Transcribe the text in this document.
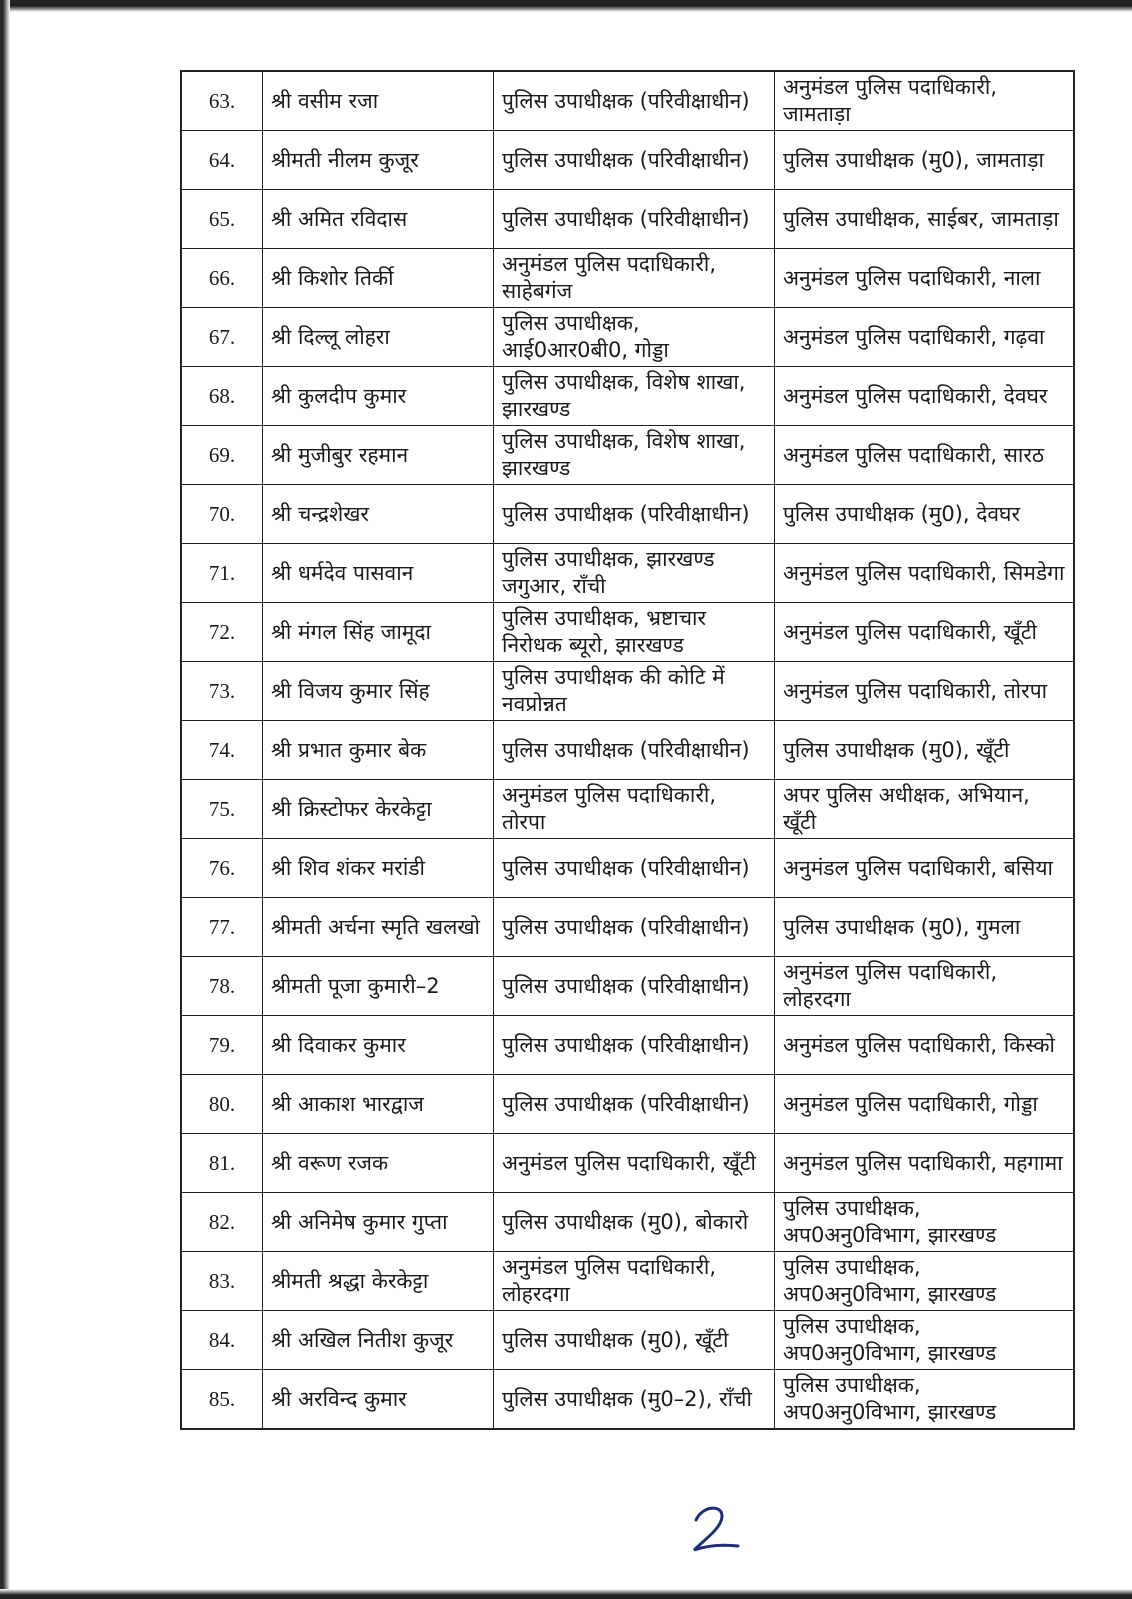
63.	श्री वसीम रजा	पुलिस उपाधीक्षक (परिवीक्षाधीन)	अनुमंडल पुलिस पदाधिकारी, जामताड़ा
64.	श्रीमती नीलम कुजूर	पुलिस उपाधीक्षक (परिवीक्षाधीन)	पुलिस उपाधीक्षक (मु0), जामताड़ा
65.	श्री अमित रविदास	पुलिस उपाधीक्षक (परिवीक्षाधीन)	पुलिस उपाधीक्षक, साईबर, जामताड़ा
66.	श्री किशोर तिर्की	अनुमंडल पुलिस पदाधिकारी, साहेबगंज	अनुमंडल पुलिस पदाधिकारी, नाला
67.	श्री दिल्लू लोहरा	पुलिस उपाधीक्षक, आई0आर0बी0, गोड्डा	अनुमंडल पुलिस पदाधिकारी, गढ़वा
68.	श्री कुलदीप कुमार	पुलिस उपाधीक्षक, विशेष शाखा, झारखण्ड	अनुमंडल पुलिस पदाधिकारी, देवघर
69.	श्री मुजीबुर रहमान	पुलिस उपाधीक्षक, विशेष शाखा, झारखण्ड	अनुमंडल पुलिस पदाधिकारी, सारठ
70.	श्री चन्द्रशेखर	पुलिस उपाधीक्षक (परिवीक्षाधीन)	पुलिस उपाधीक्षक (मु0), देवघर
71.	श्री धर्मदेव पासवान	पुलिस उपाधीक्षक, झारखण्ड जगुआर, राँची	अनुमंडल पुलिस पदाधिकारी, सिमडेगा
72.	श्री मंगल सिंह जामूदा	पुलिस उपाधीक्षक, भ्रष्टाचार निरोधक ब्यूरो, झारखण्ड	अनुमंडल पुलिस पदाधिकारी, खूँटी
73.	श्री विजय कुमार सिंह	पुलिस उपाधीक्षक की कोटि में नवप्रोन्नत	अनुमंडल पुलिस पदाधिकारी, तोरपा
74.	श्री प्रभात कुमार बेक	पुलिस उपाधीक्षक (परिवीक्षाधीन)	पुलिस उपाधीक्षक (मु0), खूँटी
75.	श्री क्रिस्टोफर केरकेट्टा	अनुमंडल पुलिस पदाधिकारी, तोरपा	अपर पुलिस अधीक्षक, अभियान, खूँटी
76.	श्री शिव शंकर मरांडी	पुलिस उपाधीक्षक (परिवीक्षाधीन)	अनुमंडल पुलिस पदाधिकारी, बसिया
77.	श्रीमती अर्चना स्मृति खलखो	पुलिस उपाधीक्षक (परिवीक्षाधीन)	पुलिस उपाधीक्षक (मु0), गुमला
78.	श्रीमती पूजा कुमारी–2	पुलिस उपाधीक्षक (परिवीक्षाधीन)	अनुमंडल पुलिस पदाधिकारी, लोहरदगा
79.	श्री दिवाकर कुमार	पुलिस उपाधीक्षक (परिवीक्षाधीन)	अनुमंडल पुलिस पदाधिकारी, किस्को
80.	श्री आकाश भारद्वाज	पुलिस उपाधीक्षक (परिवीक्षाधीन)	अनुमंडल पुलिस पदाधिकारी, गोड्डा
81.	श्री वरूण रजक	अनुमंडल पुलिस पदाधिकारी, खूँटी	अनुमंडल पुलिस पदाधिकारी, महगामा
82.	श्री अनिमेष कुमार गुप्ता	पुलिस उपाधीक्षक (मु0), बोकारो	पुलिस उपाधीक्षक, अप0अनु0विभाग, झारखण्ड
83.	श्रीमती श्रद्धा केरकेट्टा	अनुमंडल पुलिस पदाधिकारी, लोहरदगा	पुलिस उपाधीक्षक, अप0अनु0विभाग, झारखण्ड
84.	श्री अखिल नितीश कुजूर	पुलिस उपाधीक्षक (मु0), खूँटी	पुलिस उपाधीक्षक, अप0अनु0विभाग, झारखण्ड
85.	श्री अरविन्द कुमार	पुलिस उपाधीक्षक (मु0–2), राँची	पुलिस उपाधीक्षक, अप0अनु0विभाग, झारखण्ड
